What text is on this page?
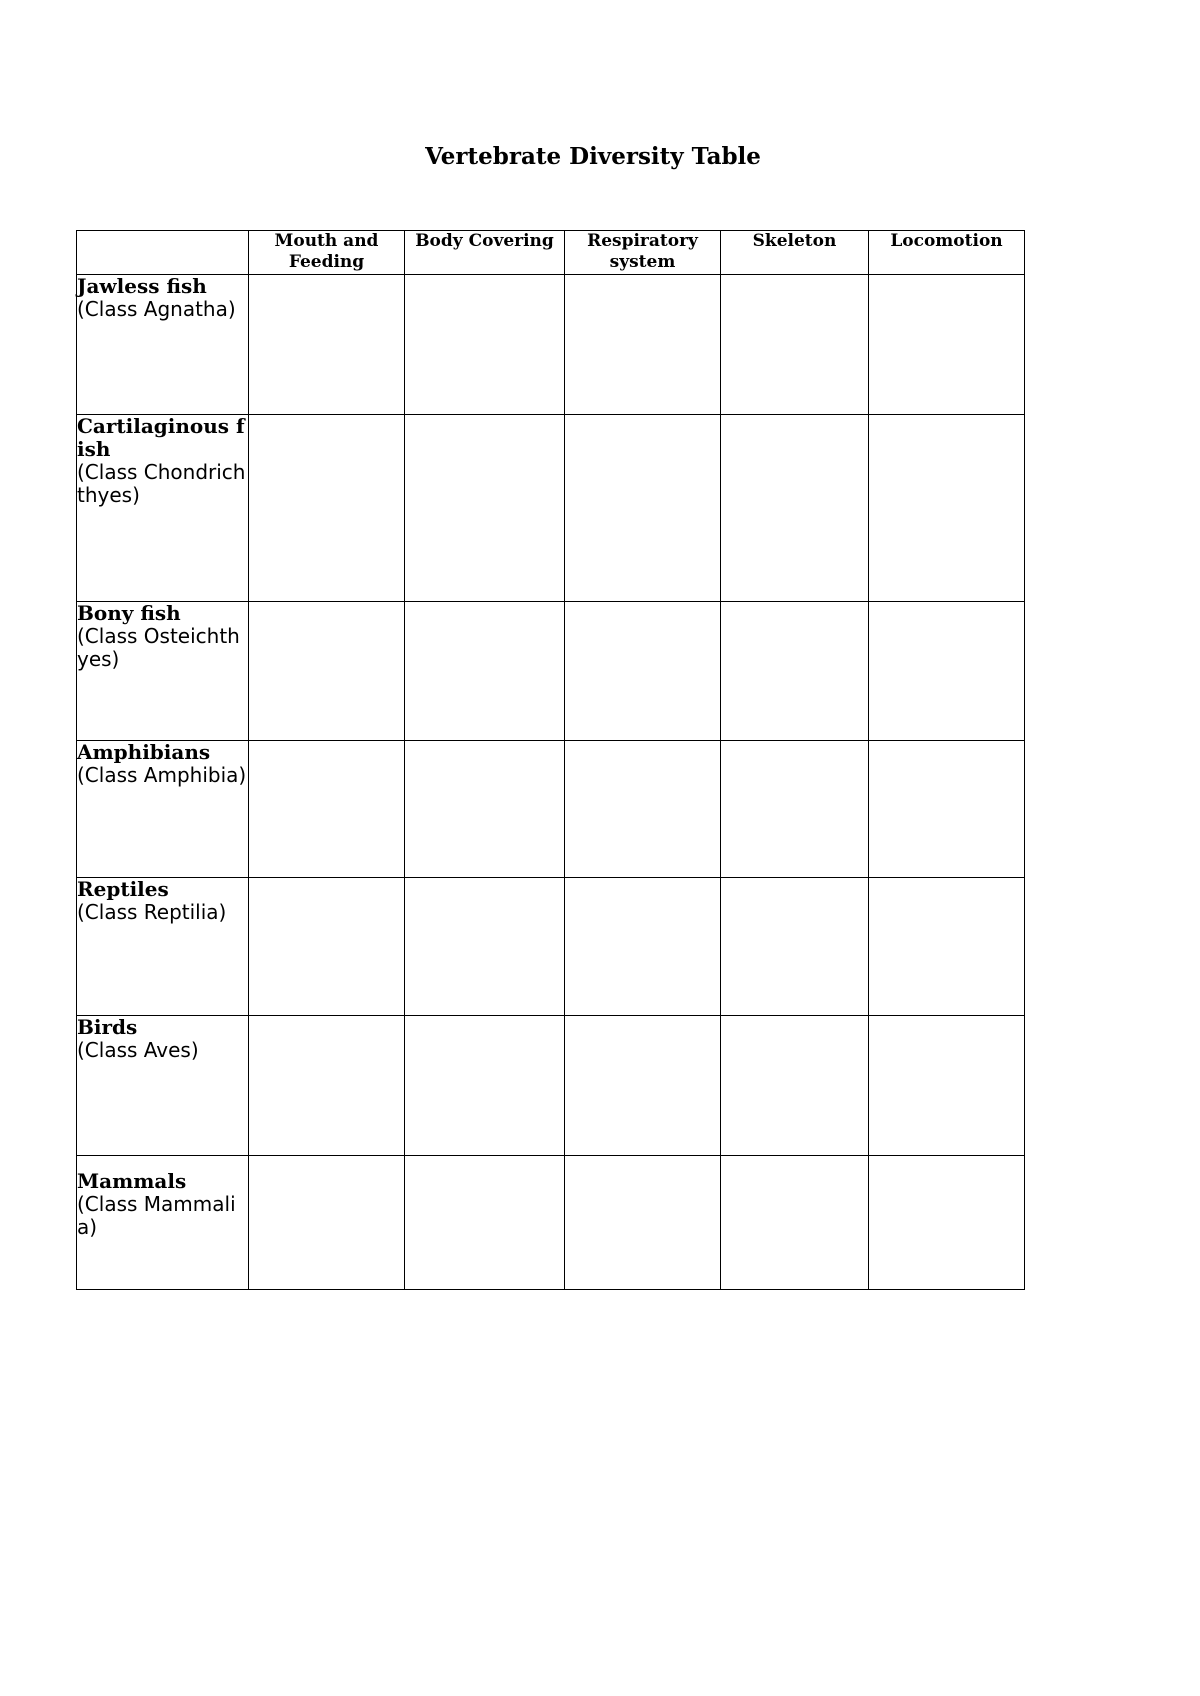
Vertebrate Diversity Table
	Mouth and Feeding	Body Covering	Respiratory system	Skeleton	Locomotion

Jawless fish
(Class Agnatha)					

Cartilaginous fish
(Class Chondrichthyes)					

Bony fish
(Class Osteichthyes)					

Amphibians
(Class Amphibia)					

Reptiles
(Class Reptilia)					

Birds
(Class Aves)					

Mammals
(Class Mammalia)					
